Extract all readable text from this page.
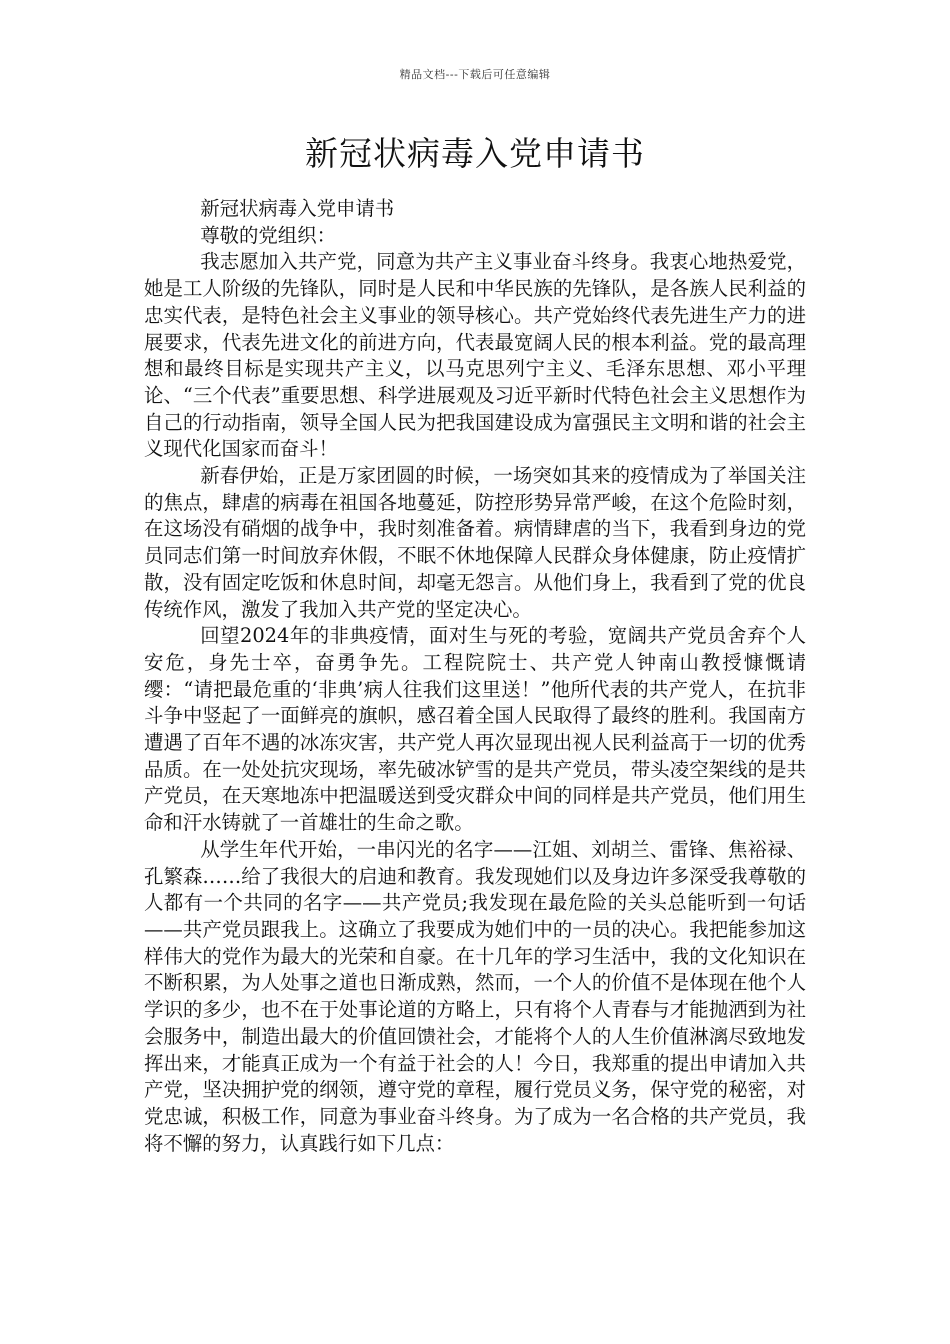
精品文档---下载后可任意编辑
新冠状病毒入党申请书

新冠状病毒入党申请书

尊敬的党组织：

我志愿加入共产党，同意为共产主义事业奋斗终身。我衷心地热爱党，她是工人阶级的先锋队，同时是人民和中华民族的先锋队，是各族人民利益的忠实代表，是特色社会主义事业的领导核心。共产党始终代表先进生产力的进展要求，代表先进文化的前进方向，代表最宽阔人民的根本利益。党的最高理想和最终目标是实现共产主义，以马克思列宁主义、毛泽东思想、邓小平理论、“三个代表”重要思想、科学进展观及习近平新时代特色社会主义思想作为自己的行动指南，领导全国人民为把我国建设成为富强民主文明和谐的社会主义现代化国家而奋斗！

新春伊始，正是万家团圆的时候，一场突如其来的疫情成为了举国关注的焦点，肆虐的病毒在祖国各地蔓延，防控形势异常严峻，在这个危险时刻，在这场没有硝烟的战争中，我时刻准备着。病情肆虐的当下，我看到身边的党员同志们第一时间放弃休假，不眠不休地保障人民群众身体健康，防止疫情扩散，没有固定吃饭和休息时间，却毫无怨言。从他们身上，我看到了党的优良传统作风，激发了我加入共产党的坚定决心。

回望2024年的非典疫情，面对生与死的考验，宽阔共产党员舍弃个人安危，身先士卒，奋勇争先。工程院院士、共产党人钟南山教授慷慨请缨：“请把最危重的‘非典’病人往我们这里送！”他所代表的共产党人，在抗非斗争中竖起了一面鲜亮的旗帜，感召着全国人民取得了最终的胜利。我国南方遭遇了百年不遇的冰冻灾害，共产党人再次显现出视人民利益高于一切的优秀品质。在一处处抗灾现场，率先破冰铲雪的是共产党员，带头凌空架线的是共产党员，在天寒地冻中把温暖送到受灾群众中间的同样是共产党员，他们用生命和汗水铸就了一首雄壮的生命之歌。

从学生年代开始，一串闪光的名字——江姐、刘胡兰、雷锋、焦裕禄、孔繁森……给了我很大的启迪和教育。我发现她们以及身边许多深受我尊敬的人都有一个共同的名字——共产党员;我发现在最危险的关头总能听到一句话——共产党员跟我上。这确立了我要成为她们中的一员的决心。我把能参加这样伟大的党作为最大的光荣和自豪。在十几年的学习生活中，我的文化知识在不断积累，为人处事之道也日渐成熟，然而，一个人的价值不是体现在他个人学识的多少，也不在于处事论道的方略上，只有将个人青春与才能抛洒到为社会服务中，制造出最大的价值回馈社会，才能将个人的人生价值淋漓尽致地发挥出来，才能真正成为一个有益于社会的人！今日，我郑重的提出申请加入共产党，坚决拥护党的纲领，遵守党的章程，履行党员义务，保守党的秘密，对党忠诚，积极工作，同意为事业奋斗终身。为了成为一名合格的共产党员，我将不懈的努力，认真践行如下几点：
